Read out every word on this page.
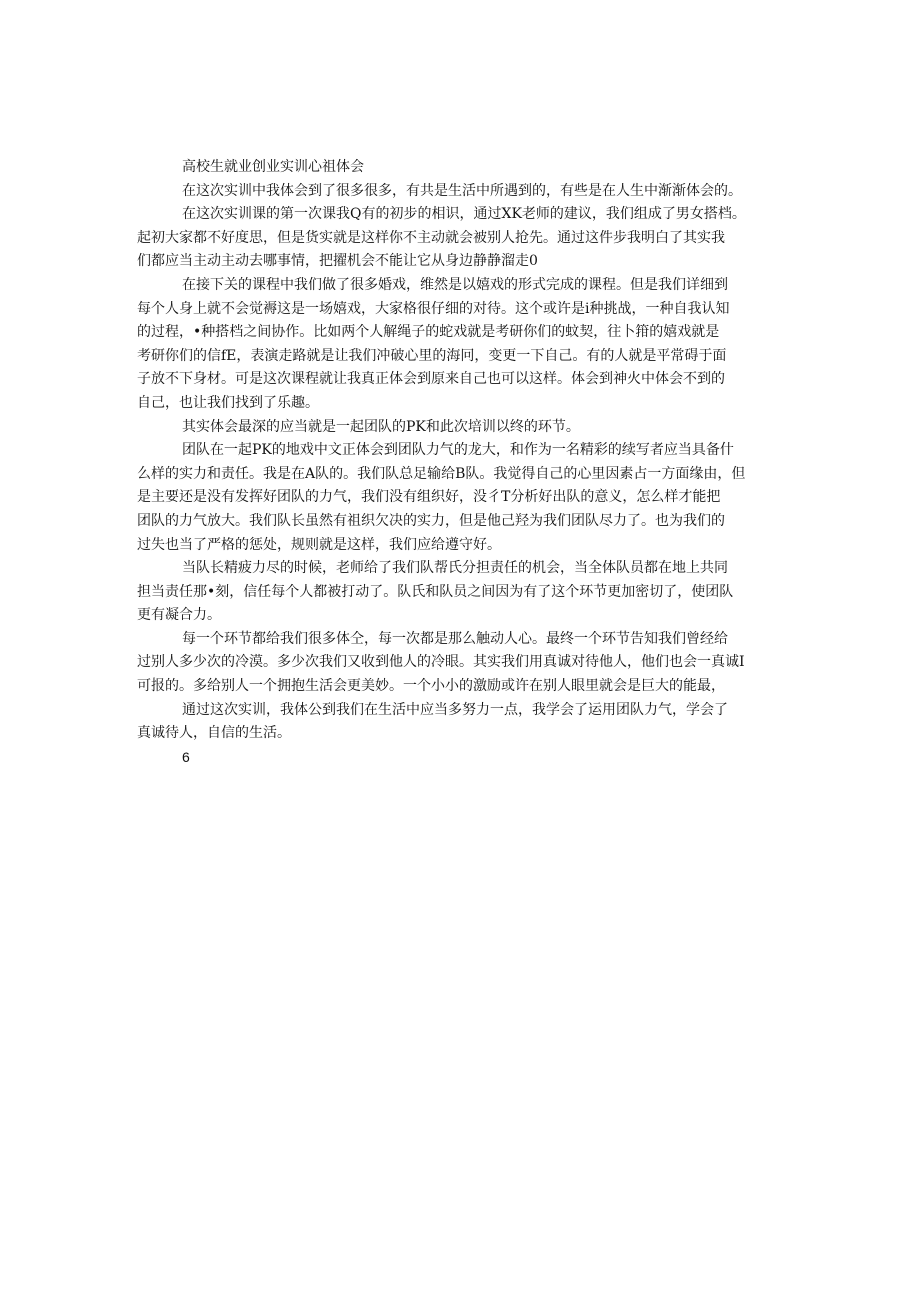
高校生就业创业实训心祖体会
在这次实训中我体会到了很多很多，有共是生活中所遇到的，有些是在人生中渐渐体会的。
在这次实训课的第一次课我Q有的初步的相识，通过XK老师的建议，我们组成了男女搭档。
起初大家都不好度思，但是货实就是这样你不主动就会被别人抢先。通过这件步我明白了其实我
们都应当主动主动去哪事情，把擢机会不能让它从身边静静溜走0
在接下关的课程中我们做了很多婚戏，维然是以嬉戏的形式完成的课程。但是我们详细到
每个人身上就不会觉褥这是一场嬉戏，大家格很仔细的对待。这个或许是i种挑战，一种自我认知
的过程，•种搭档之间协作。比如两个人解绳子的蛇戏就是考研你们的蚊契，往卜箝的嬉戏就是
考研你们的信fE，表演走路就是让我们冲破心里的海冋，变更一下自己。有的人就是平常碍于面
子放不下身材。可是这次课程就让我真正体会到原来自己也可以这样。体会到神火中体会不到的
自己，也让我们找到了乐趣。
其实体会最深的应当就是一起团队的PK和此次培训以终的环节。
团队在一起PK的地戏中文正体会到团队力气的龙大，和作为一名精彩的续写者应当具备什
么样的实力和责任。我是在A队的。我们队总足输给B队。我觉得自己的心里因素占一方面缘由，但
是主要还是没有发挥好团队的力气，我们没有组织好，没彳T分析好出队的意义，怎么样才能把
团队的力气放大。我们队长虽然有祖织欠决的实力，但是他己羟为我们团队尽力了。也为我们的
过失也当了严格的惩处，规则就是这样，我们应给遵守好。
当队长精疲力尽的时候，老师给了我们队帮氏分担责任的机会，当全体队员都在地上共同
担当责任那•刻，信任每个人都被打动了。队氏和队员之间因为有了这个环节更加密切了，使团队
更有凝合力。
每一个环节都给我们很多体仝，每一次都是那么触动人心。最终一个环节告知我们曾经给
过别人多少次的冷漠。多少次我们又收到他人的冷眼。其实我们用真诚对待他人，他们也会一真诚I
可报的。多给别人一个拥抱生活会更美妙。一个小小的激励或许在别人眼里就会是巨大的能最，
通过这次实训，我体公到我们在生活中应当多努力一点，我学会了运用团队力气，学会了
真诚待人，自信的生活。
6
